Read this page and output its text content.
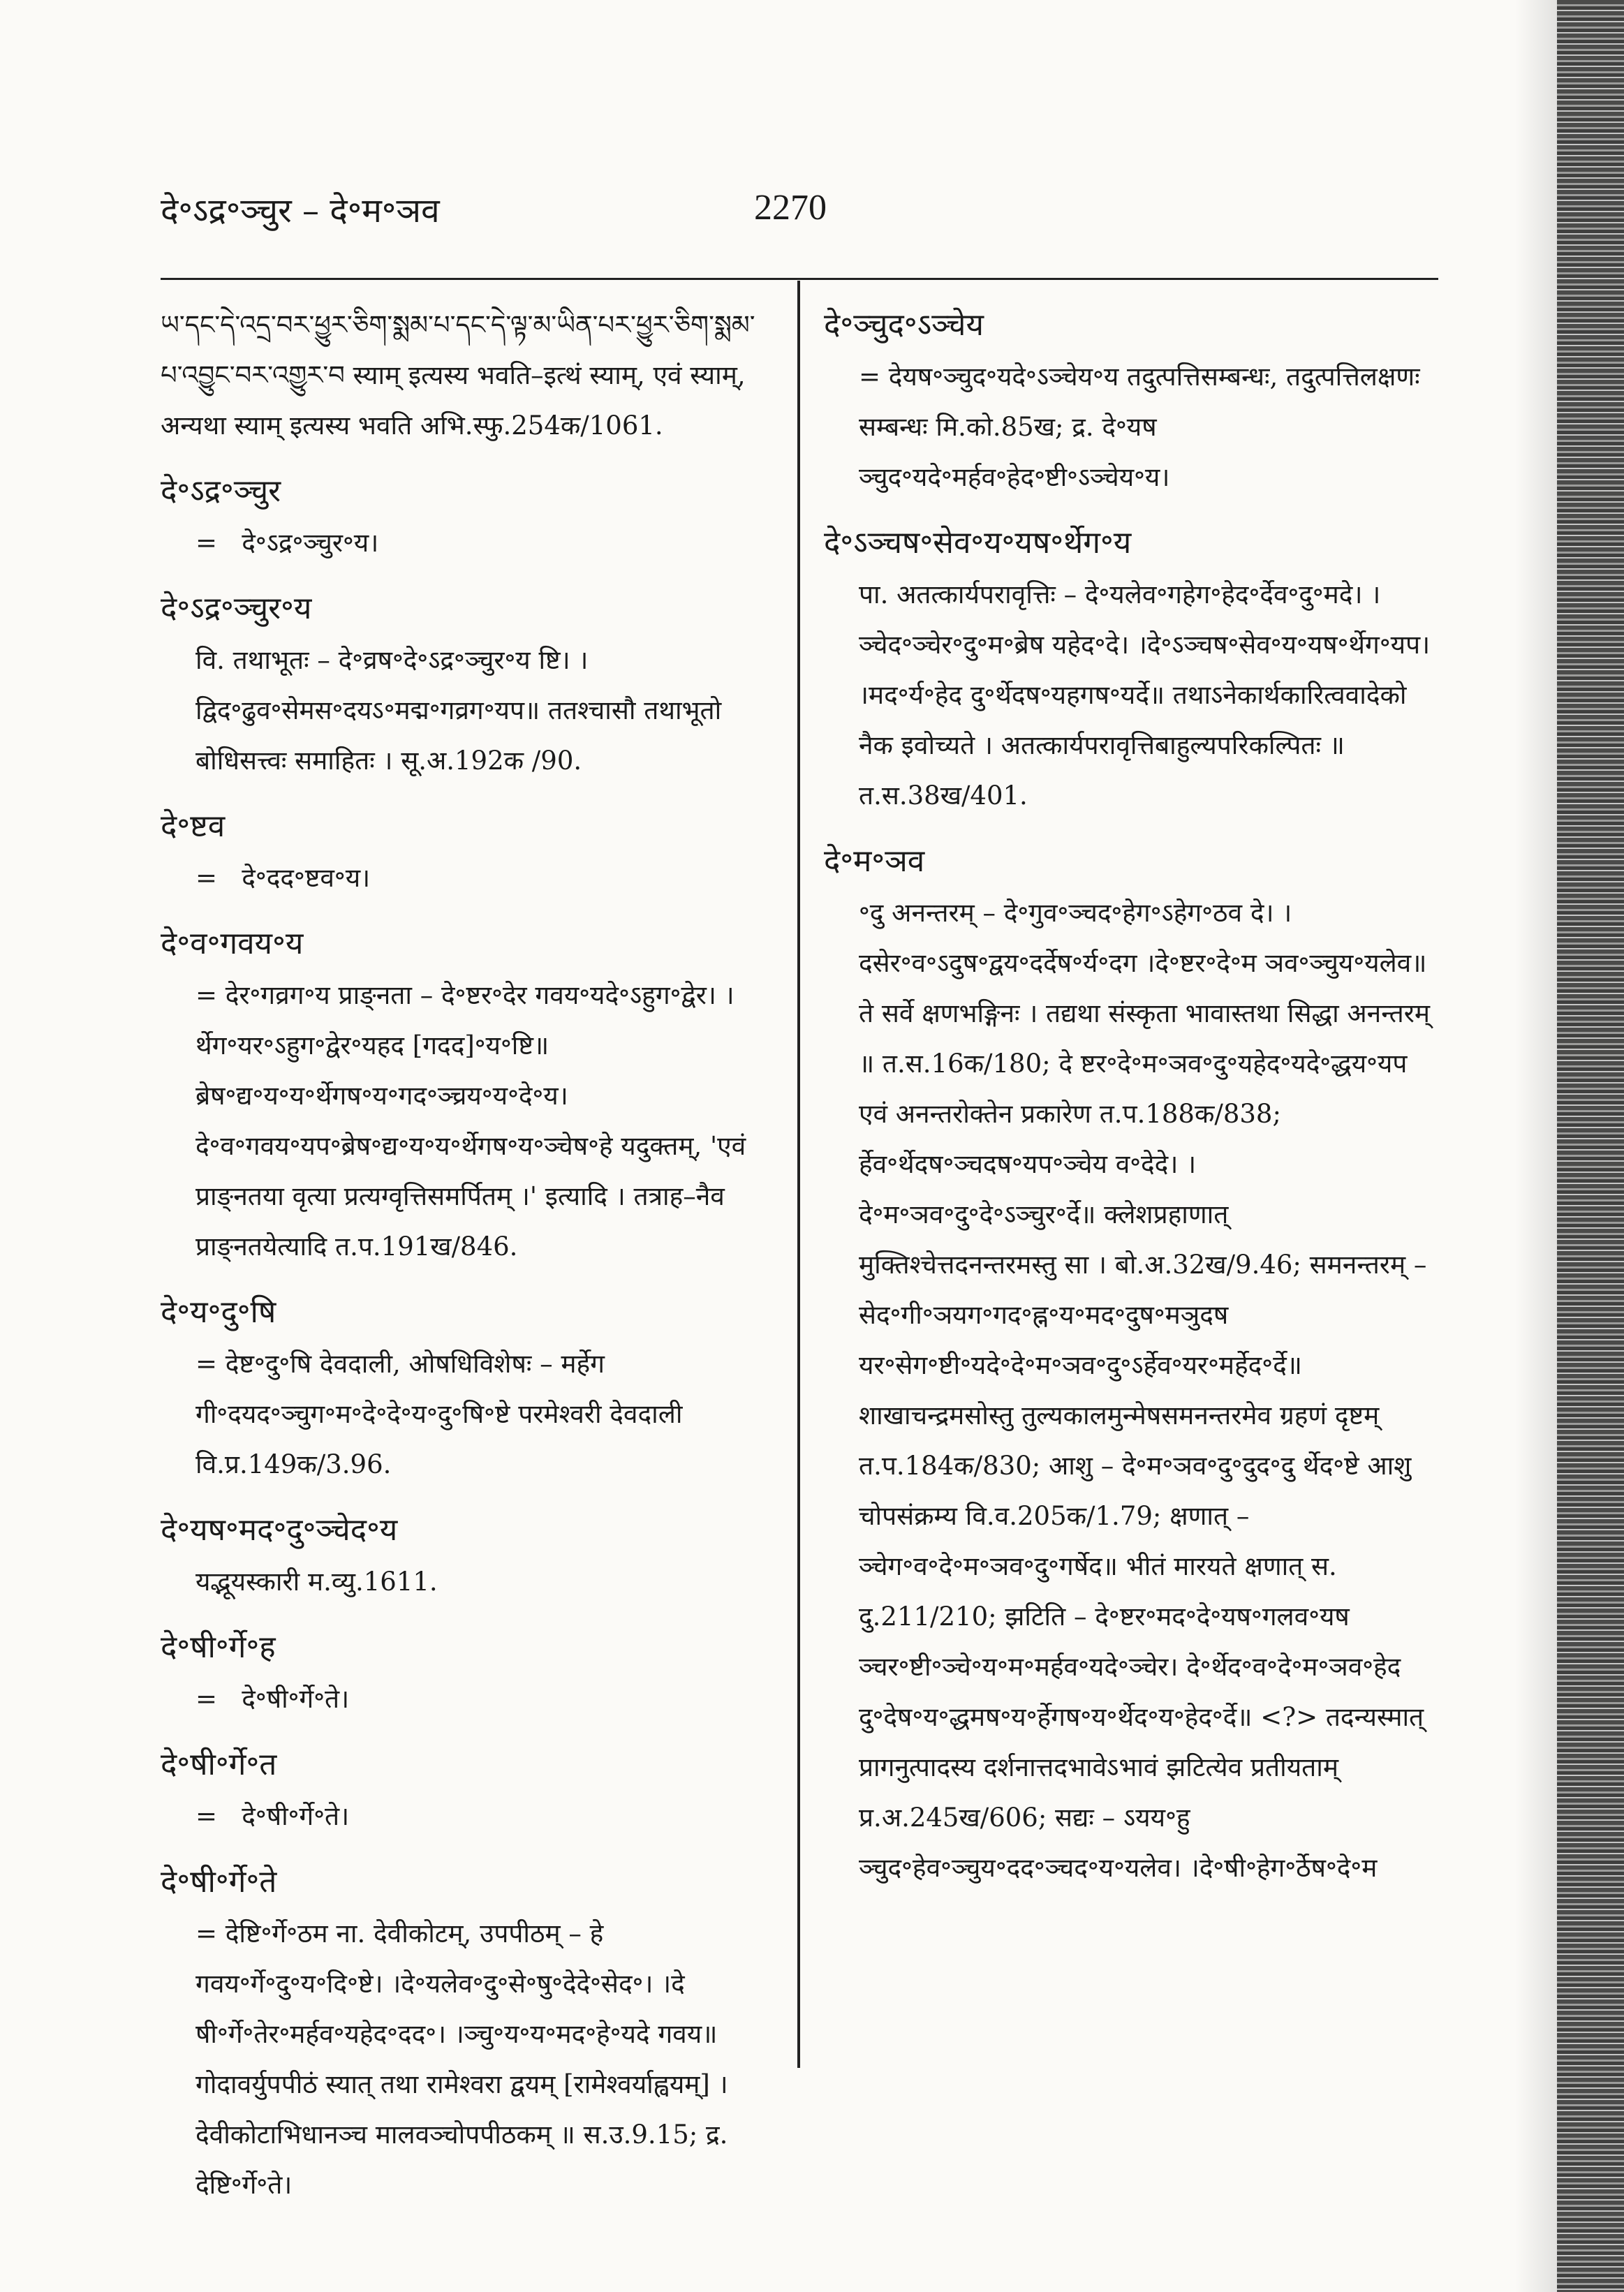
दे॰ऽद्र॰ञ्चुर – दे॰म॰ञव	2270
ཡ་དང་དེ་འདྲ་བར་ཕྱུར་ཅིག་སྨམ་པ་དང་དེ་ལྟ་མ་ཡིན་པར་ཕྱུར་ཅིག་སྨམ་པ་འབྱུང་བར་འགྱུར་བ स्याम् इत्यस्य भवति–इत्थं स्याम्, एवं स्याम्, अन्यथा स्याम् इत्यस्य भवति अभि.स्फु.254क/1061.
दे॰ऽद्र॰ञ्चुर
=   दे॰ऽद्र॰ञ्चुर॰य।
दे॰ऽद्र॰ञ्चुर॰य
वि. तथाभूतः – दे॰व्रष॰दे॰ऽद्र॰ञ्चुर॰य ष्टि। ।द्विद॰ढुव॰सेमस॰दयऽ॰मद्म॰गव्रग॰यप॥ ततश्चासौ तथाभूतो बोधिसत्त्वः समाहितः । सू.अ.192क /90.
दे॰ष्टव
=   दे॰दद॰ष्टव॰य।
दे॰व॰गवय॰य
= देर॰गव्रग॰य प्राङ्नता – दे॰ष्टर॰देर गवय॰यदे॰ऽहुग॰द्वेर। ।र्थेग॰यर॰ऽहुग॰द्वेर॰यहद [गदद]॰य॰ष्टि॥ ब्रेष॰द्य॰य॰य॰र्थेगष॰य॰गद॰ञ्च्रय॰य॰दे॰य। दे॰व॰गवय॰यप॰ब्रेष॰द्य॰य॰य॰र्थेगष॰य॰ञ्चेष॰हे यदुक्तम्, 'एवं प्राङ्नतया वृत्या प्रत्यग्वृत्तिसमर्पितम् ।' इत्यादि । तत्राह–नैव प्राङ्नतयेत्यादि त.प.191ख/846.
दे॰य॰दु॰षि
= देष्ट॰दु॰षि देवदाली, ओषधिविशेषः – मर्हेग गी॰दयद॰ञ्चुग॰म॰दे॰दे॰य॰दु॰षि॰ष्टे परमेश्वरी देवदाली वि.प्र.149क/3.96.
दे॰यष॰मद॰दु॰ञ्चेद॰य
यद्भूयस्कारी म.व्यु.1611.
दे॰षी॰र्गे॰ह
=   दे॰षी॰र्गे॰ते।
दे॰षी॰र्गे॰त
=   दे॰षी॰र्गे॰ते।
दे॰षी॰र्गे॰ते
= देष्टि॰र्गे॰ठम ना. देवीकोटम्, उपपीठम् – हे गवय॰र्गे॰दु॰य॰दि॰ष्टे। ।दे॰यलेव॰दु॰से॰षु॰देदे॰सेद॰। ।दे षी॰र्गे॰तेर॰मर्हव॰यहेद॰दद॰। ।ञ्चु॰य॰य॰मद॰हे॰यदे गवय॥ गोदावर्युपपीठं स्यात् तथा रामेश्वरा द्वयम् [रामेश्वर्याह्वयम्] । देवीकोटाभिधानञ्च मालवञ्चोपपीठकम् ॥ स.उ.9.15; द्र. देष्टि॰र्गे॰ते।
दे॰ञ्चुद॰ऽञ्चेय
= देयष॰ञ्चुद॰यदे॰ऽञ्चेय॰य तदुत्पत्तिसम्बन्धः, तदुत्पत्तिलक्षणः सम्बन्धः मि.को.85ख; द्र. दे॰यष ञ्चुद॰यदे॰मर्हव॰हेद॰ष्टी॰ऽञ्चेय॰य।
दे॰ऽञ्चष॰सेव॰य॰यष॰र्थेग॰य
पा. अतत्कार्यपरावृत्तिः – दे॰यलेव॰गहेग॰हेद॰र्देव॰दु॰मदे। ।ञ्चेद॰ञ्चेर॰दु॰म॰ब्रेष यहेद॰दे। ।दे॰ऽञ्चष॰सेव॰य॰यष॰र्थेग॰यप। ।मद॰र्य॰हेद दु॰र्थेदष॰यहगष॰यर्दे॥ तथाऽनेकार्थकारित्ववादेको नैक इवोच्यते । अतत्कार्यपरावृत्तिबाहुल्यपरिकल्पितः ॥ त.स.38ख/401.
दे॰म॰ञव
॰दु अनन्तरम् – दे॰गुव॰ञ्चद॰हेग॰ऽहेग॰ठव दे। ।दसेर॰व॰ऽदुष॰द्वय॰दर्देष॰र्य॰दग ।दे॰ष्टर॰दे॰म ञव॰ञ्चुय॰यलेव॥ ते सर्वे क्षणभङ्गिनः । तद्यथा संस्कृता भावास्तथा सिद्धा अनन्तरम् ॥ त.स.16क/180; दे ष्टर॰दे॰म॰ञव॰दु॰यहेद॰यदे॰द्धय॰यप एवं अनन्तरोक्तेन प्रकारेण त.प.188क/838; र्हेव॰र्थेदष॰ञ्चदष॰यप॰ञ्चेय व॰देदे। ।दे॰म॰ञव॰दु॰दे॰ऽञ्चुर॰र्दे॥ क्लेशप्रहाणात् मुक्तिश्चेत्तदनन्तरमस्तु सा । बो.अ.32ख/9.46; समनन्तरम् – सेद॰गी॰ञयग॰गद॰ह्न॰य॰मद॰दुष॰मञुदष यर॰सेग॰ष्टी॰यदे॰दे॰म॰ञव॰दु॰ऽर्हेव॰यर॰मर्हेद॰र्दे॥ शाखाचन्द्रमसोस्तु तुल्यकालमुन्मेषसमनन्तरमेव ग्रहणं दृष्टम् त.प.184क/830; आशु – दे॰म॰ञव॰दु॰दुद॰दु र्थेद॰ष्टे आशु चोपसंक्रम्य वि.व.205क/1.79; क्षणात् – ञ्चेग॰व॰दे॰म॰ञव॰दु॰गर्षेद॥ भीतं मारयते क्षणात् स. दु.211/210; झटिति – दे॰ष्टर॰मद॰दे॰यष॰गलव॰यष ञ्चर॰ष्टी॰ञ्चे॰य॰म॰मर्हव॰यदे॰ञ्चेर। दे॰र्थेद॰व॰दे॰म॰ञव॰हेद दु॰देष॰य॰द्धमष॰य॰र्हेगष॰य॰र्थेद॰य॰हेद॰र्दे॥ <?> तदन्यस्मात् प्रागनुत्पादस्य दर्शनात्तदभावेऽभावं झटित्येव प्रतीयताम् प्र.अ.245ख/606; सद्यः – ऽयय॰हु ञ्चुद॰हेव॰ञ्चुय॰दद॰ञ्चद॰य॰यलेव। ।दे॰षी॰हेग॰र्ठेष॰दे॰म
